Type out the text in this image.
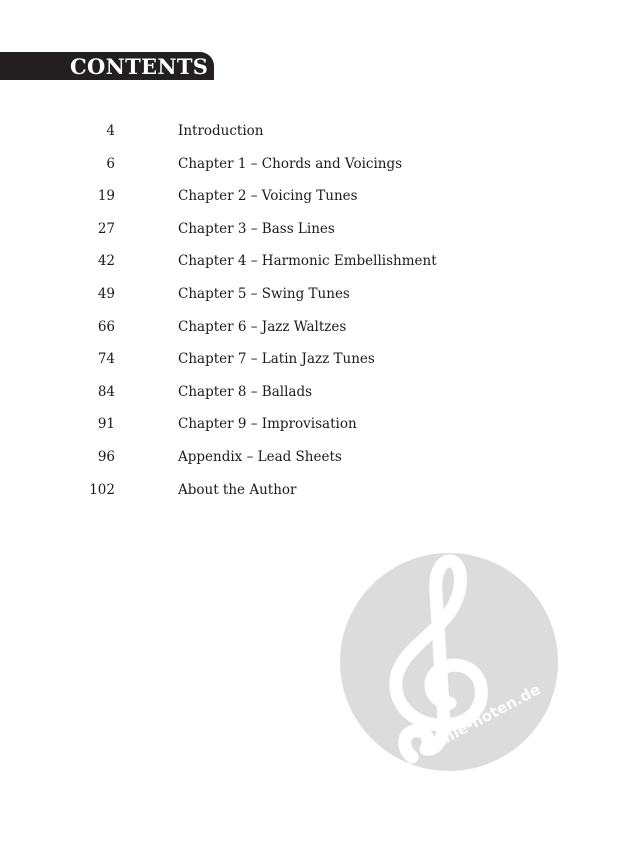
CONTENTS
4	Introduction
6	Chapter 1 – Chords and Voicings
19	Chapter 2 – Voicing Tunes
27	Chapter 3 – Bass Lines
42	Chapter 4 – Harmonic Embellishment
49	Chapter 5 – Swing Tunes
66	Chapter 6 – Jazz Waltzes
74	Chapter 7 – Latin Jazz Tunes
84	Chapter 8 – Ballads
91	Chapter 9 – Improvisation
96	Appendix – Lead Sheets
102	About the Author
alle-noten.de
